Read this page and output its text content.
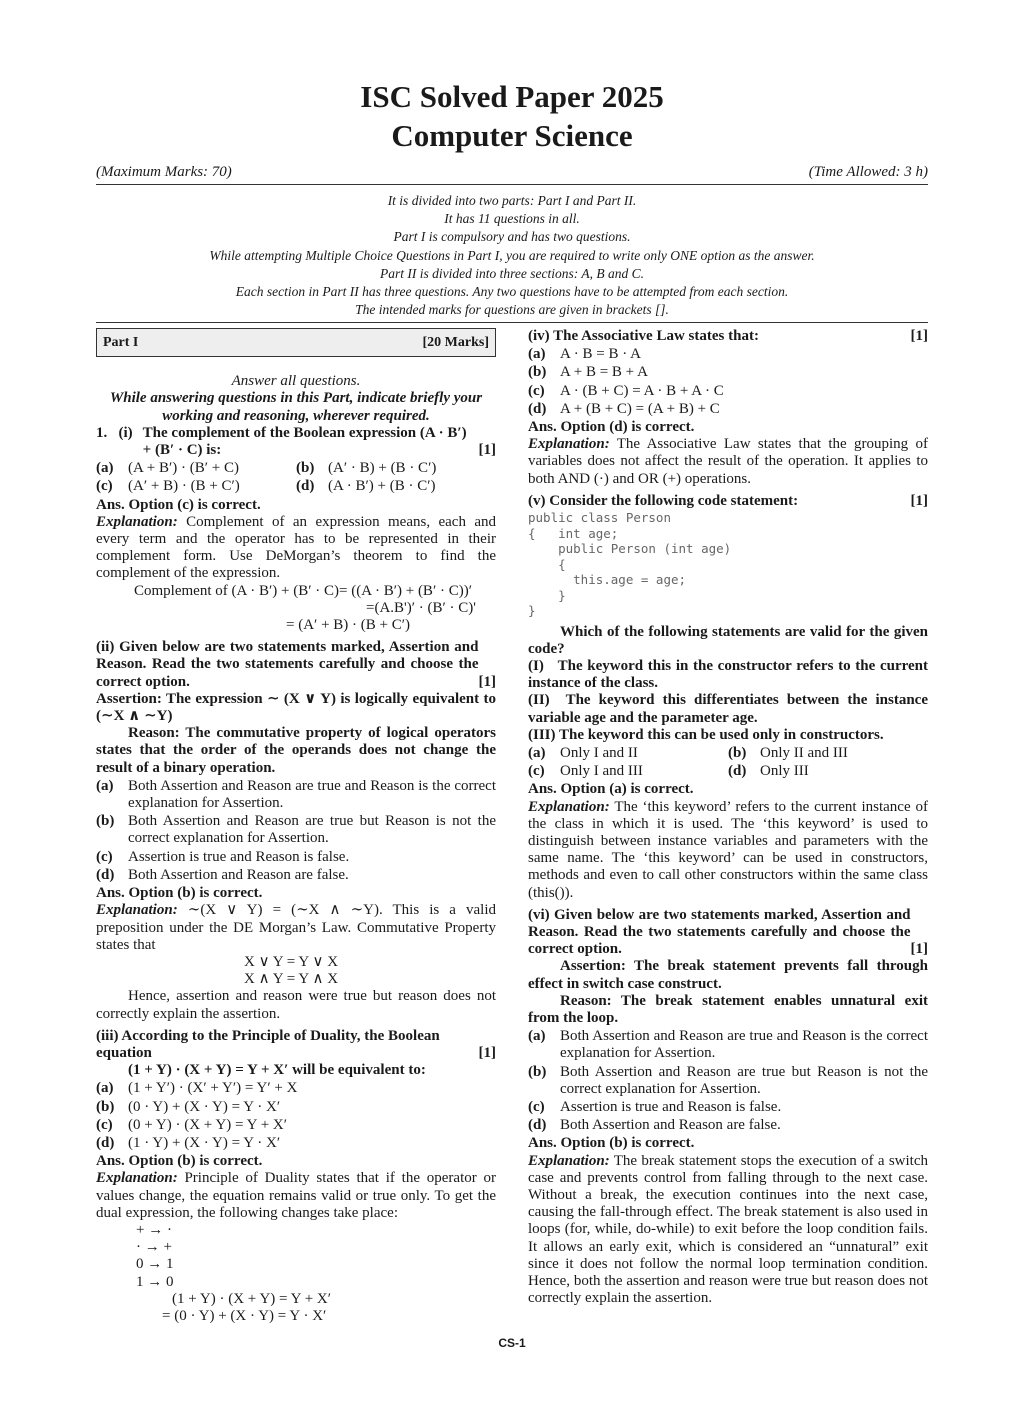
ISC Solved Paper 2025
Computer Science
(Maximum Marks: 70)	(Time Allowed: 3 h)
It is divided into two parts: Part I and Part II.
It has 11 questions in all.
Part I is compulsory and has two questions.
While attempting Multiple Choice Questions in Part I, you are required to write only ONE option as the answer.
Part II is divided into three sections: A, B and C.
Each section in Part II has three questions. Any two questions have to be attempted from each section.
The intended marks for questions are given in brackets [].
Part I	[20 Marks]

Answer all questions.

While answering questions in this Part, indicate briefly your working and reasoning, wherever required.

1.   (i) The complement of the Boolean expression (A · B′) + (B′ · C) is:	[1]
(a) (A + B′) · (B′ + C)	(b) (A′ · B) + (B · C′)
(c)	(A′ + B) · (B + C′)	(d) (A · B′) + (B · C′)

Ans. Option (c) is correct.

Explanation: Complement of an expression means, each and every term and the operator has to be represented in their complement form. Use DeMorgan’s theorem to find the complement of the expression.

Complement of (A · B′) + (B′ · C)= ((A · B′) + (B′ · C))′

=(A.B')′ · (B′ · C)'

= (A′ + B) · (B + C′)

(ii) Given below are two statements marked, Assertion and Reason. Read the two statements carefully and choose the correct option.	[1]

Assertion: The expression ∼ (X ∨ Y) is logically equivalent to (∼X ∧ ∼Y)

Reason: The commutative property of logical operators states that the order of the operands does not change the result of a binary operation.

(a) Both Assertion and Reason are true and Reason is the correct explanation for Assertion.
(b) Both Assertion and Reason are true but Reason is not the correct explanation for Assertion.
(c)	Assertion is true and Reason is false.
(d) Both Assertion and Reason are false.

Ans. Option (b) is correct.

Explanation: ∼(X ∨ Y) = (∼X ∧ ∼Y). This is a valid preposition under the DE Morgan’s Law. Commutative Property states that

X ∨ Y = Y ∨ X

X ∧ Y = Y ∧ X

Hence, assertion and reason were true but reason does not correctly explain the assertion.

(iii) According to the Principle of Duality, the Boolean equation	[1]

(1 + Y) · (X + Y) = Y + X′ will be equivalent to:

(a) (1 + Y′) · (X′ + Y′) = Y′ + X
(b) (0 · Y) + (X · Y) = Y · X′
(c)	(0 + Y) · (X + Y) = Y + X′
(d) (1 · Y) + (X · Y) = Y · X′

Ans. Option (b) is correct.

Explanation: Principle of Duality states that if the operator or values change, the equation remains valid or true only. To get the dual expression, the following changes take place:

+ → ·

· → +

0 → 1

1 → 0

(1 + Y) · (X + Y) = Y + X′

= (0 · Y) + (X · Y) = Y · X′

(iv) The Associative Law states that:	[1]
(a) A · B = B · A
(b) A + B = B + A
(c)	A · (B + C) = A · B + A · C
(d) A + (B + C) = (A + B) + C

Ans. Option (d) is correct.

Explanation: The Associative Law states that the grouping of variables does not affect the result of the operation. It applies to both AND (·) and OR (+) operations.

(v) Consider the following code statement:	[1]
public class Person
{   int age;
public Person (int age)
{
this.age = age;
}
}

Which of the following statements are valid for the given code?

(I)   The keyword this in the constructor refers to the current instance of the class.

(II)  The keyword this differentiates between the instance variable age and the parameter age.

(III) The keyword this can be used only in constructors.

(a) Only I and II	(b) Only II and III
(c)	Only I and III	(d) Only III

Ans. Option (a) is correct.

Explanation: The ‘this keyword’ refers to the current instance of the class in which it is used. The ‘this keyword’ is used to distinguish between instance variables and parameters with the same name. The ‘this keyword’ can be used in constructors, methods and even to call other constructors within the same class (this()).

(vi) Given below are two statements marked, Assertion and Reason. Read the two statements carefully and choose the correct option.	[1]

Assertion: The break statement prevents fall through effect in switch case construct.

Reason: The break statement enables unnatural exit from the loop.

(a) Both Assertion and Reason are true and Reason is the correct explanation for Assertion.
(b) Both Assertion and Reason are true but Reason is not the correct explanation for Assertion.
(c)	Assertion is true and Reason is false.
(d) Both Assertion and Reason are false.

Ans. Option (b) is correct.

Explanation: The break statement stops the execution of a switch case and prevents control from falling through to the next case. Without a break, the execution continues into the next case, causing the fall-through effect. The break statement is also used in loops (for, while, do-while) to exit before the loop condition fails. It allows an early exit, which is considered an “unnatural” exit since it does not follow the normal loop termination condition. Hence, both the assertion and reason were true but reason does not correctly explain the assertion.

CS-1
